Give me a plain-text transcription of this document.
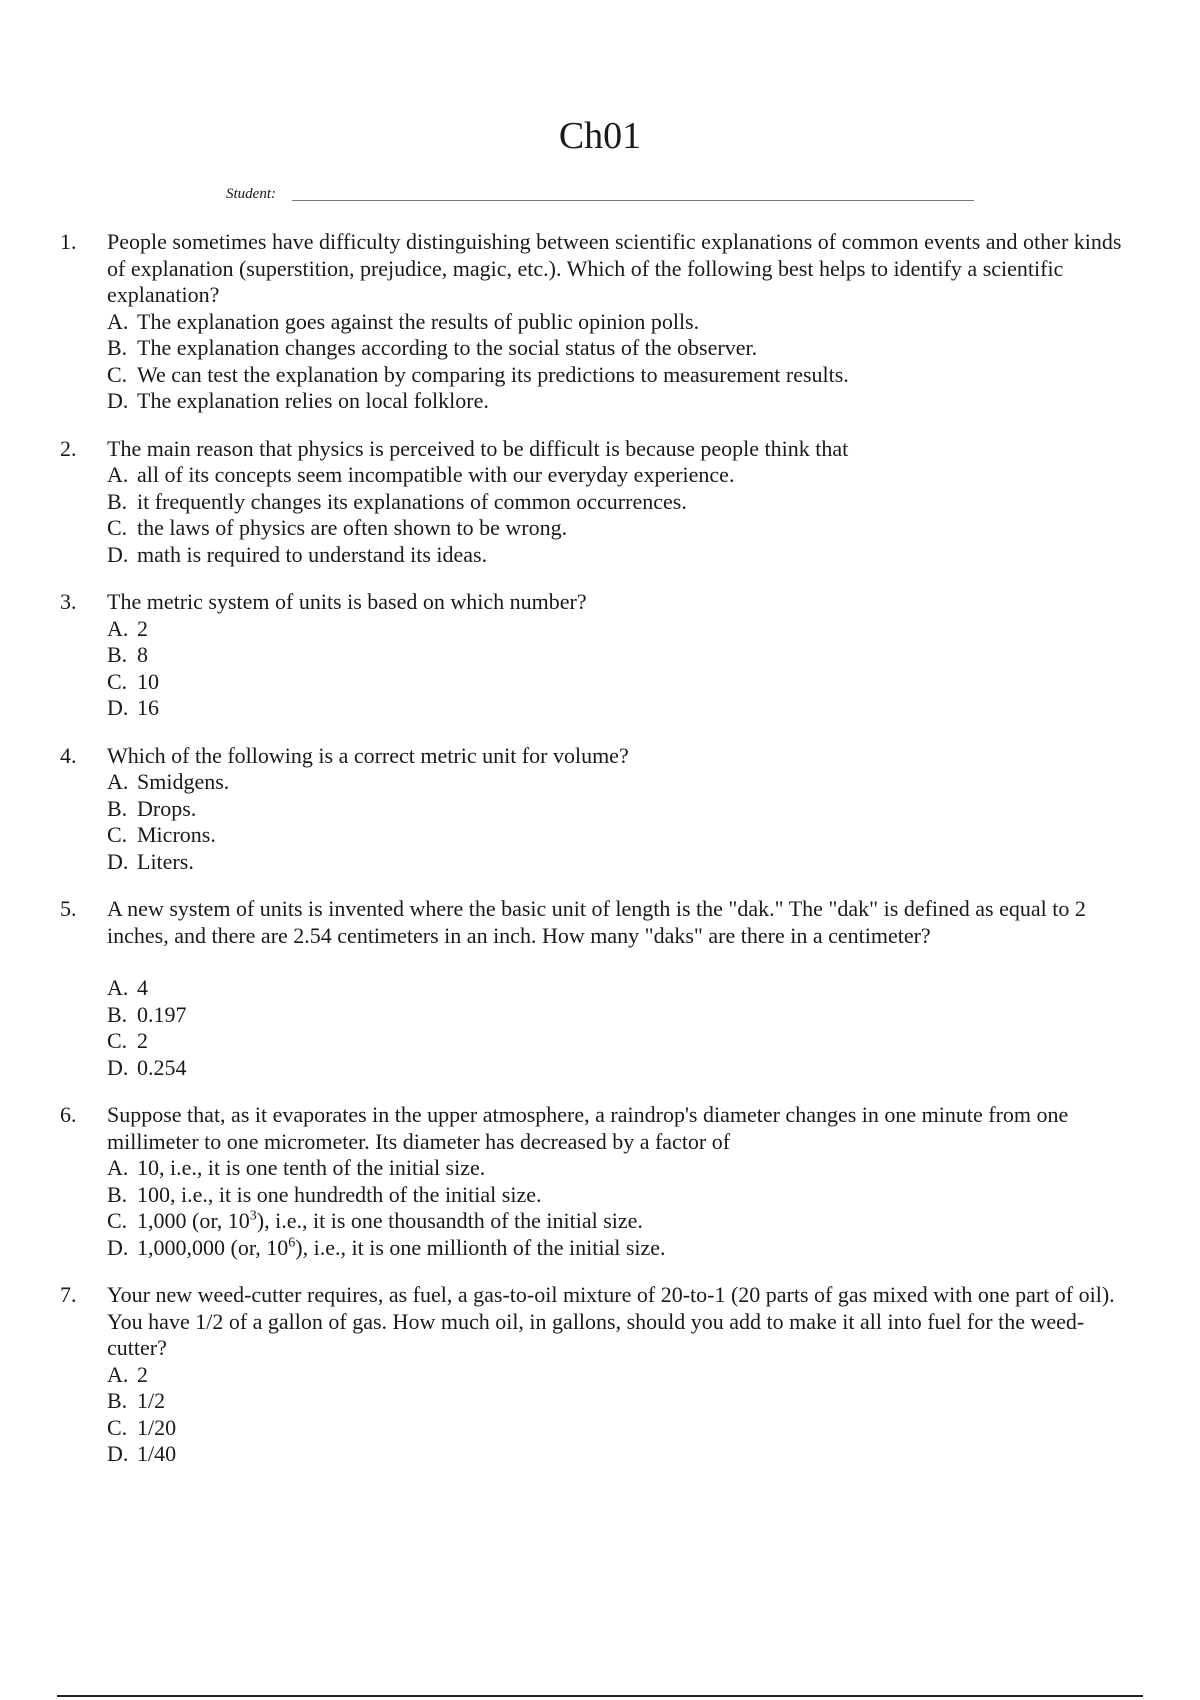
Ch01
Student:
1. People sometimes have difficulty distinguishing between scientific explanations of common events and other kinds of explanation (superstition, prejudice, magic, etc.). Which of the following best helps to identify a scientific explanation?
A. The explanation goes against the results of public opinion polls.
B. The explanation changes according to the social status of the observer.
C. We can test the explanation by comparing its predictions to measurement results.
D. The explanation relies on local folklore.
2. The main reason that physics is perceived to be difficult is because people think that
A. all of its concepts seem incompatible with our everyday experience.
B. it frequently changes its explanations of common occurrences.
C. the laws of physics are often shown to be wrong.
D. math is required to understand its ideas.
3. The metric system of units is based on which number?
A. 2
B. 8
C. 10
D. 16
4. Which of the following is a correct metric unit for volume?
A. Smidgens.
B. Drops.
C. Microns.
D. Liters.
5. A new system of units is invented where the basic unit of length is the "dak." The "dak" is defined as equal to 2 inches, and there are 2.54 centimeters in an inch. How many "daks" are there in a centimeter?
A. 4
B. 0.197
C. 2
D. 0.254
6. Suppose that, as it evaporates in the upper atmosphere, a raindrop's diameter changes in one minute from one millimeter to one micrometer. Its diameter has decreased by a factor of
A. 10, i.e., it is one tenth of the initial size.
B. 100, i.e., it is one hundredth of the initial size.
C. 1,000 (or, $10^3$), i.e., it is one thousandth of the initial size.
D. 1,000,000 (or, $10^6$), i.e., it is one millionth of the initial size.
7. Your new weed-cutter requires, as fuel, a gas-to-oil mixture of 20-to-1 (20 parts of gas mixed with one part of oil). You have 1/2 of a gallon of gas. How much oil, in gallons, should you add to make it all into fuel for the weed-cutter?
A. 2
B. 1/2
C. 1/20
D. 1/40
